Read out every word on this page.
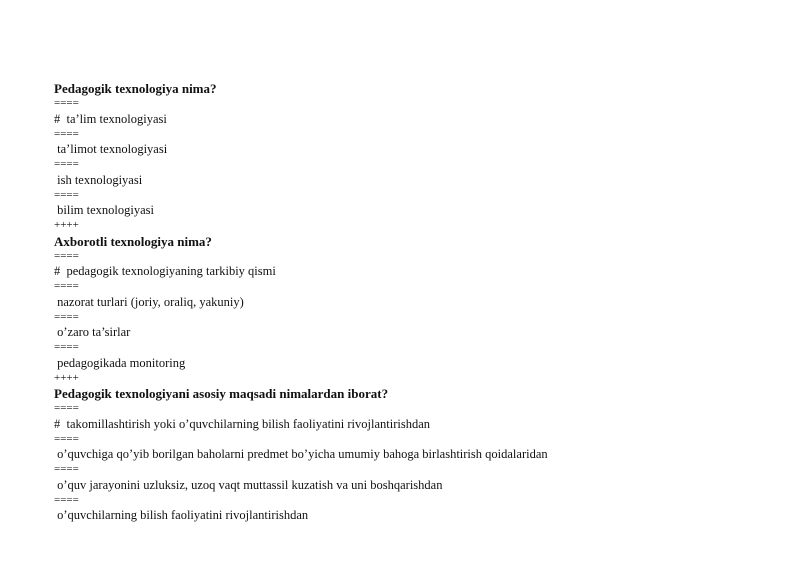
Pedagogik texnologiya nima?

====

#  ta’lim texnologiyasi

====

ta’limot texnologiyasi

====

ish texnologiyasi

====

bilim texnologiyasi

++++

Axborotli texnologiya nima?

====

#  pedagogik texnologiyaning tarkibiy qismi

====

nazorat turlari (joriy, oraliq, yakuniy)

====

o’zaro ta’sirlar

====

pedagogikada monitoring

++++

Pedagogik texnologiyani asosiy maqsadi nimalardan iborat?

====

#  takomillashtirish yoki o’quvchilarning bilish faoliyatini rivojlantirishdan

====

o’quvchiga qo’yib borilgan baholarni predmet bo’yicha umumiy bahoga birlashtirish qoidalaridan

====

o’quv jarayonini uzluksiz, uzoq vaqt muttassil kuzatish va uni boshqarishdan

====

o’quvchilarning bilish faoliyatini rivojlantirishdan
